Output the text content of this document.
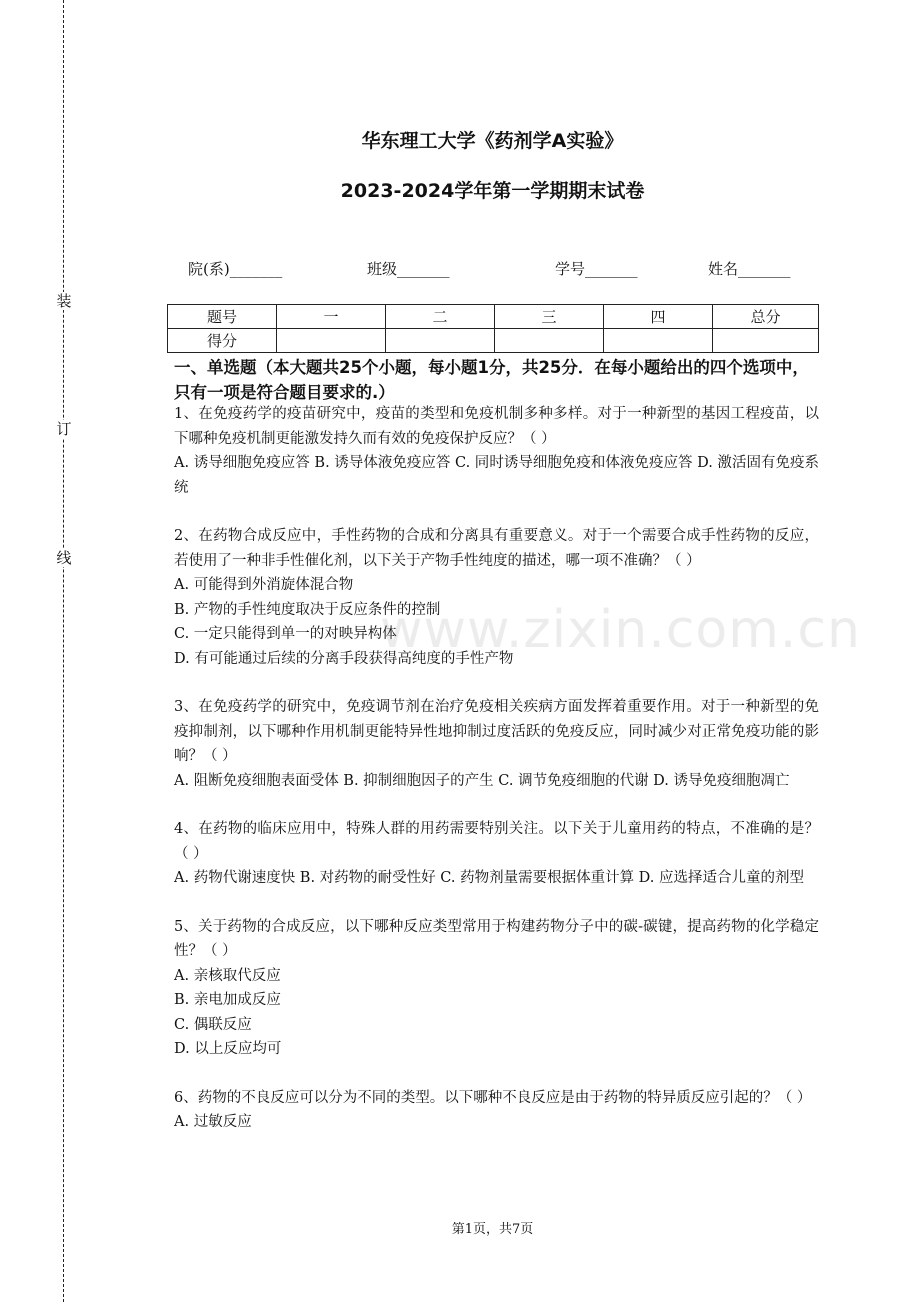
装
订
线
华东理工大学《药剂学A实验》
2023-2024学年第一学期期末试卷
院(系)_______	班级_______	学号_______	姓名_______
题号	一	二	三	四	总分
得分					
一、单选题（本大题共25个小题，每小题1分，共25分．在每小题给出的四个选项中，只有一项是符合题目要求的.）

1、在免疫药学的疫苗研究中，疫苗的类型和免疫机制多种多样。对于一种新型的基因工程疫苗，以下哪种免疫机制更能激发持久而有效的免疫保护反应？（ ）

A. 诱导细胞免疫应答 B. 诱导体液免疫应答 C. 同时诱导细胞免疫和体液免疫应答 D. 激活固有免疫系统

2、在药物合成反应中，手性药物的合成和分离具有重要意义。对于一个需要合成手性药物的反应，若使用了一种非手性催化剂，以下关于产物手性纯度的描述，哪一项不准确？（ ）

A. 可能得到外消旋体混合物

B. 产物的手性纯度取决于反应条件的控制

C. 一定只能得到单一的对映异构体

D. 有可能通过后续的分离手段获得高纯度的手性产物

3、在免疫药学的研究中，免疫调节剂在治疗免疫相关疾病方面发挥着重要作用。对于一种新型的免疫抑制剂，以下哪种作用机制更能特异性地抑制过度活跃的免疫反应，同时减少对正常免疫功能的影响？（ ）

A. 阻断免疫细胞表面受体 B. 抑制细胞因子的产生 C. 调节免疫细胞的代谢 D. 诱导免疫细胞凋亡

4、在药物的临床应用中，特殊人群的用药需要特别关注。以下关于儿童用药的特点，不准确的是？（ ）

A. 药物代谢速度快 B. 对药物的耐受性好 C. 药物剂量需要根据体重计算 D. 应选择适合儿童的剂型

5、关于药物的合成反应，以下哪种反应类型常用于构建药物分子中的碳-碳键，提高药物的化学稳定性？（ ）

A. 亲核取代反应

B. 亲电加成反应

C. 偶联反应

D. 以上反应均可

6、药物的不良反应可以分为不同的类型。以下哪种不良反应是由于药物的特异质反应引起的？（ ）

A. 过敏反应

www.zixin.com.cn
第1页，共7页
